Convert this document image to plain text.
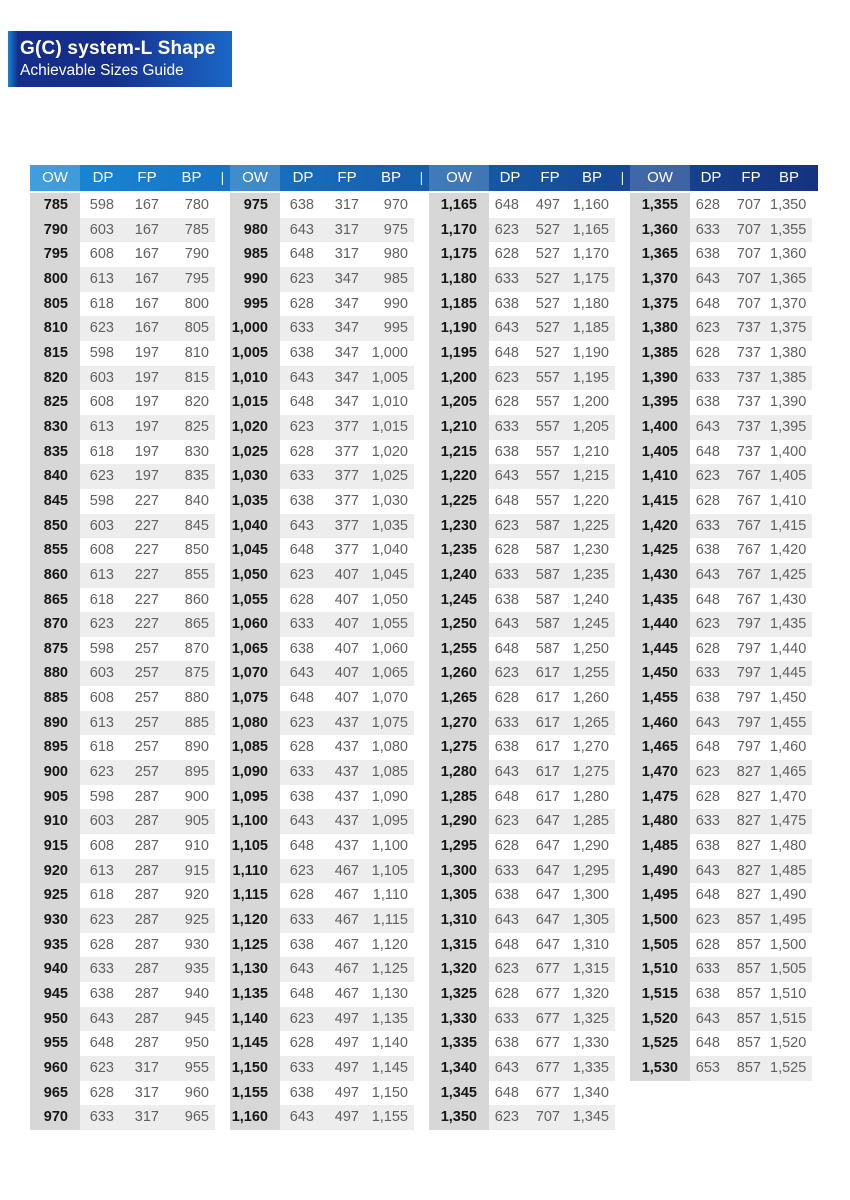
G(C) system-L Shape
Achievable Sizes Guide
OW	DP	FP	BP	|	OW	DP	FP	BP	|	OW	DP	FP	BP	|	OW	DP	FP	BP
785	598	167	780
790	603	167	785
795	608	167	790
800	613	167	795
805	618	167	800
810	623	167	805
815	598	197	810
820	603	197	815
825	608	197	820
830	613	197	825
835	618	197	830
840	623	197	835
845	598	227	840
850	603	227	845
855	608	227	850
860	613	227	855
865	618	227	860
870	623	227	865
875	598	257	870
880	603	257	875
885	608	257	880
890	613	257	885
895	618	257	890
900	623	257	895
905	598	287	900
910	603	287	905
915	608	287	910
920	613	287	915
925	618	287	920
930	623	287	925
935	628	287	930
940	633	287	935
945	638	287	940
950	643	287	945
955	648	287	950
960	623	317	955
965	628	317	960
970	633	317	965
975	638	317	970
980	643	317	975
985	648	317	980
990	623	347	985
995	628	347	990
1,000	633	347	995
1,005	638	347 1,000
1,010	643	347 1,005
1,015	648	347 1,010
1,020	623	377 1,015
1,025	628	377 1,020
1,030	633	377 1,025
1,035	638	377 1,030
1,040	643	377 1,035
1,045	648	377 1,040
1,050	623	407 1,045
1,055	628	407 1,050
1,060	633	407 1,055
1,065	638	407 1,060
1,070	643	407 1,065
1,075	648	407 1,070
1,080	623	437 1,075
1,085	628	437 1,080
1,090	633	437 1,085
1,095	638	437 1,090
1,100	643	437 1,095
1,105	648	437 1,100
1,110	623	467 1,105
1,115	628	467 1,110
1,120	633	467 1,115
1,125	638	467 1,120
1,130	643	467 1,125
1,135	648	467 1,130
1,140	623	497 1,135
1,145	628	497 1,140
1,150	633	497 1,145
1,155	638	497 1,150
1,160	643	497 1,155
1,165	648	497 1,160
1,170	623	527 1,165
1,175	628	527 1,170
1,180	633	527 1,175
1,185	638	527 1,180
1,190	643	527 1,185
1,195	648	527 1,190
1,200	623	557 1,195
1,205	628	557 1,200
1,210	633	557 1,205
1,215	638	557 1,210
1,220	643	557 1,215
1,225	648	557 1,220
1,230	623	587 1,225
1,235	628	587 1,230
1,240	633	587 1,235
1,245	638	587 1,240
1,250	643	587 1,245
1,255	648	587 1,250
1,260	623	617 1,255
1,265	628	617 1,260
1,270	633	617 1,265
1,275	638	617 1,270
1,280	643	617 1,275
1,285	648	617 1,280
1,290	623	647 1,285
1,295	628	647 1,290
1,300	633	647 1,295
1,305	638	647 1,300
1,310	643	647 1,305
1,315	648	647 1,310
1,320	623	677 1,315
1,325	628	677 1,320
1,330	633	677 1,325
1,335	638	677 1,330
1,340	643	677 1,335
1,345	648	677 1,340
1,350	623	707 1,345
1,355	628	707 1,350
1,360	633	707 1,355
1,365	638	707 1,360
1,370	643	707 1,365
1,375	648	707 1,370
1,380	623	737 1,375
1,385	628	737 1,380
1,390	633	737 1,385
1,395	638	737 1,390
1,400	643	737 1,395
1,405	648	737 1,400
1,410	623	767 1,405
1,415	628	767 1,410
1,420	633	767 1,415
1,425	638	767 1,420
1,430	643	767 1,425
1,435	648	767 1,430
1,440	623	797 1,435
1,445	628	797 1,440
1,450	633	797 1,445
1,455	638	797 1,450
1,460	643	797 1,455
1,465	648	797 1,460
1,470	623	827 1,465
1,475	628	827 1,470
1,480	633	827 1,475
1,485	638	827 1,480
1,490	643	827 1,485
1,495	648	827 1,490
1,500	623	857 1,495
1,505	628	857 1,500
1,510	633	857 1,505
1,515	638	857 1,510
1,520	643	857 1,515
1,525	648	857 1,520
1,530	653	857 1,525
